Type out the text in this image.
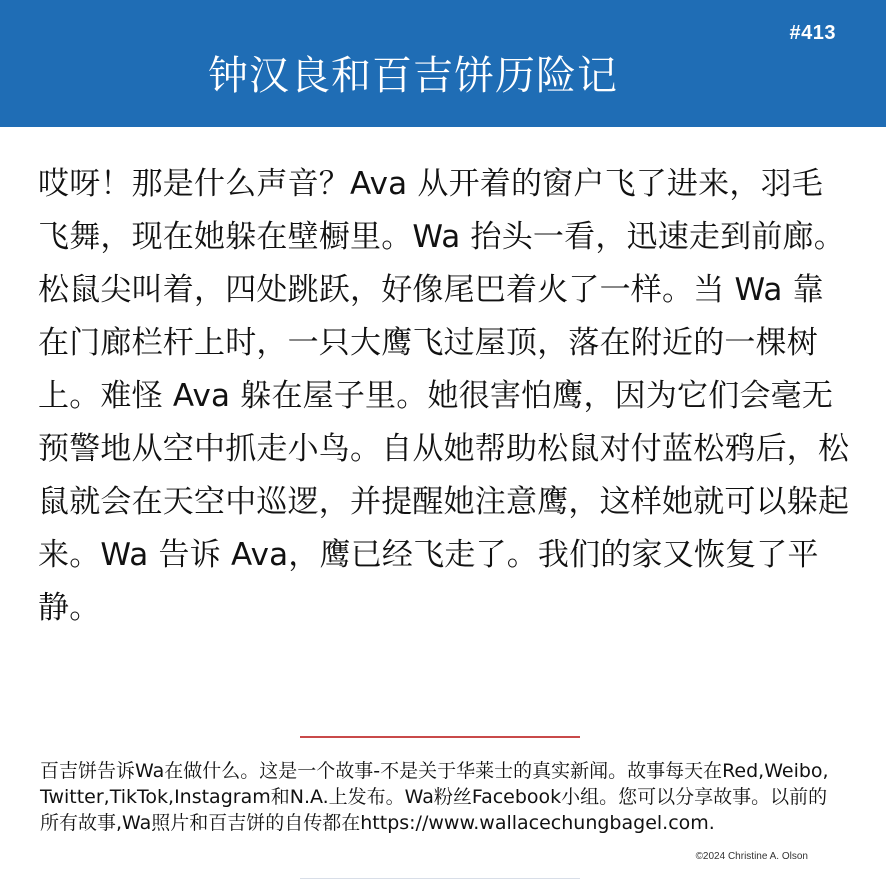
#413
钟汉良和百吉饼历险记
哎呀！那是什么声音？Ava 从开着的窗户飞了进来，羽毛飞舞，现在她躲在壁橱里。Wa 抬头一看，迅速走到前廊。松鼠尖叫着，四处跳跃，好像尾巴着火了一样。当 Wa 靠在门廊栏杆上时，一只大鹰飞过屋顶，落在附近的一棵树上。难怪 Ava 躲在屋子里。她很害怕鹰，因为它们会毫无预警地从空中抓走小鸟。自从她帮助松鼠对付蓝松鸦后，松鼠就会在天空中巡逻，并提醒她注意鹰，这样她就可以躲起来。Wa 告诉 Ava，鹰已经飞走了。我们的家又恢复了平静。
百吉饼告诉Wa在做什么。这是一个故事-不是关于华莱士的真实新闻。故事每天在Red,Weibo,Twitter,TikTok,Instagram和N.A.上发布。Wa粉丝Facebook小组。您可以分享故事。以前的所有故事,Wa照片和百吉饼的自传都在https://www.wallacechungbagel.com.
©2024 Christine A. Olson
